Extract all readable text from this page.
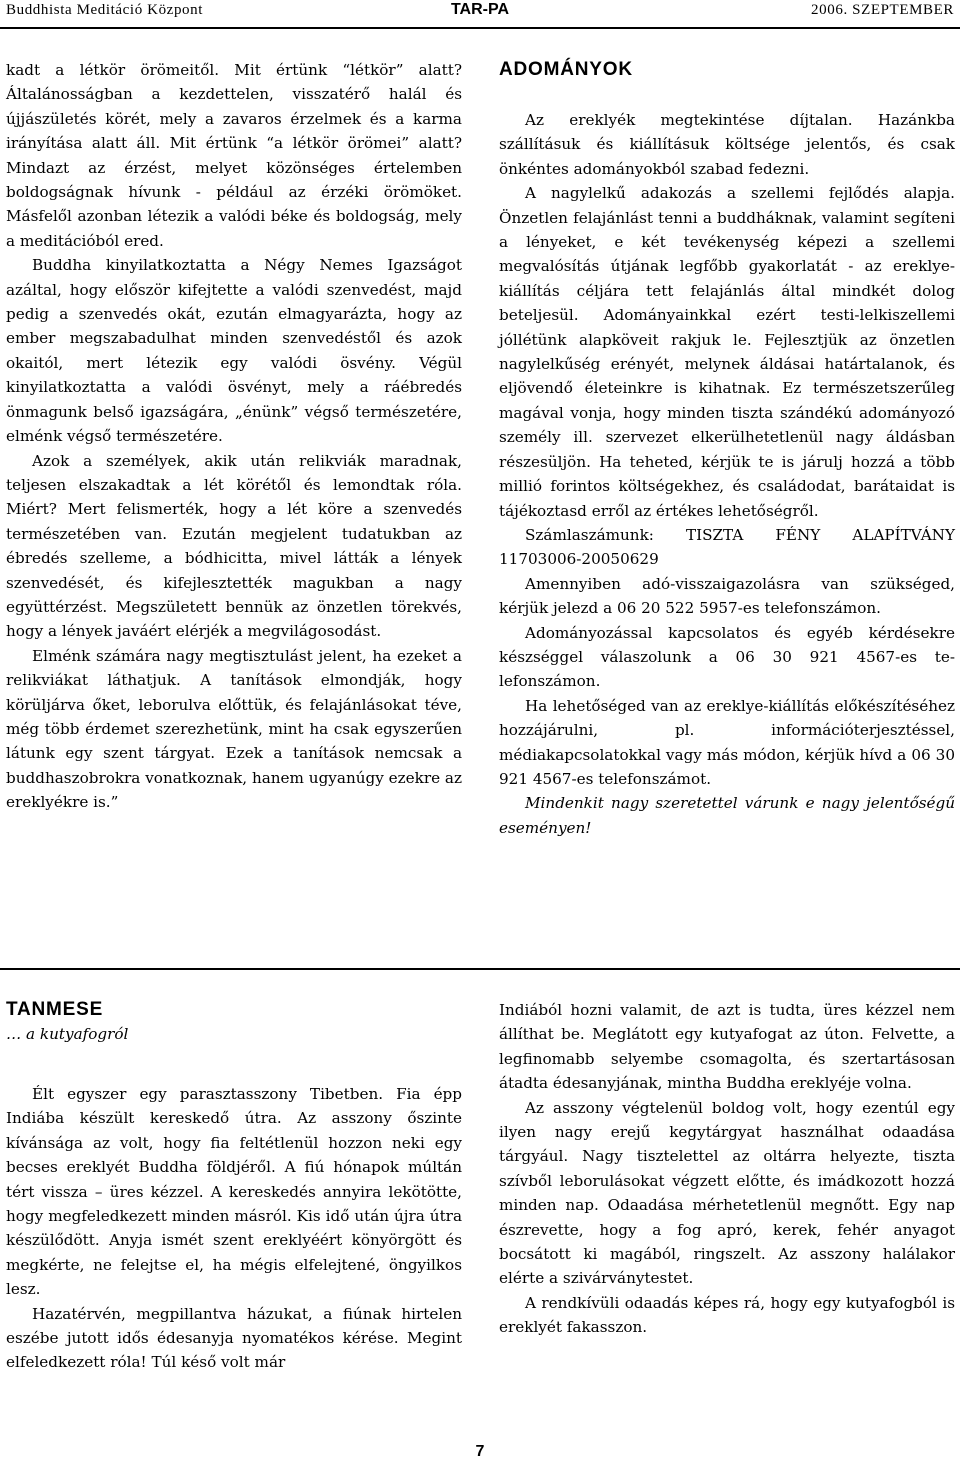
Buddhista Meditáció Központ	TAR-PA	2006. SZEPTEMBER

kadt a létkör örömeitől. Mit értünk “létkör” alatt? Általánosságban a kezdettelen, visszatérő halál és újjászületés körét, mely a zavaros érzelmek és a karma irányítása alatt áll. Mit értünk “a létkör örömei” alatt? Mindazt az érzést, melyet közönséges értelemben boldogságnak hívunk - például az érzéki örömöket. Másfelől azonban létezik a valódi béke és boldogság, mely a meditációból ered.

Buddha kinyilatkoztatta a Négy Nemes Igazságot azáltal, hogy először kifejtette a valódi szenvedést, majd pedig a szenvedés okát, ezután elmagyarázta, hogy az ember megszabadulhat minden szenvedéstől és azok okaitól, mert létezik egy valódi ösvény. Végül kinyilatkoztatta a valódi ösvényt, mely a ráébredés önmagunk belső igazságára, „énünk” végső természetére, elménk végső természetére.

Azok a személyek, akik után relikviák maradnak, teljesen elszakadtak a lét körétől és lemondtak róla. Miért? Mert felismerték, hogy a lét köre a szenvedés természetében van. Ezután megjelent tudatukban az ébredés szelleme, a bódhicitta, mivel látták a lények szenvedését, és kifejlesztették magukban a nagy együttérzést. Megszületett bennük az önzetlen törekvés, hogy a lények javáért elérjék a megvilágosodást.

Elménk számára nagy megtisztulást jelent, ha ezeket a relikviákat láthatjuk. A tanítások elmondják, hogy körüljárva őket, leborulva előttük, és felajánlásokat téve, még több érdemet szerezhetünk, mint ha csak egyszerűen látunk egy szent tárgyat. Ezek a tanítások nemcsak a buddhaszobrokra vonatkoznak, hanem ugyanúgy ezekre az ereklyékre is.”

ADOMÁNYOK

Az ereklyék megtekintése díjtalan. Hazánkba szállításuk és kiállításuk költsége jelentős, és csak önkéntes adományokból szabad fedezni.

A nagylelkű adakozás a szellemi fejlődés alapja. Önzetlen felajánlást tenni a buddháknak, valamint segíteni a lényeket, e két tevékenység képezi a szellemi megvalósítás útjának legfőbb gyakorlatát - az ereklye-kiállítás céljára tett felajánlás által mindkét dolog beteljesül. Adományainkkal ezért testi-lelkiszellemi jóllétünk alapköveit rakjuk le. Fejlesztjük az önzetlen nagylelkűség erényét, melynek áldásai határtalanok, és eljövendő életeinkre is kihatnak. Ez természetszerűleg magával vonja, hogy minden tiszta szándékú adományozó személy ill. szervezet elkerülhetetlenül nagy áldásban részesüljön. Ha teheted, kérjük te is járulj hozzá a több millió forintos költségekhez, és családodat, barátaidat is tájékoztasd erről az értékes lehetőségről.

Számlaszámunk: TISZTA FÉNY ALAPÍTVÁNY 11703006-20050629

Amennyiben adó-visszaigazolásra van szükséged, kérjük jelezd a 06 20 522 5957-es telefonszámon.

Adományozással kapcsolatos és egyéb kérdésekre készséggel válaszolunk a 06 30 921 4567-es telefonszámon.

Ha lehetőséged van az ereklye-kiállítás előkészítéséhez hozzájárulni, pl. információterjesztéssel, médiakapcsolatokkal vagy más módon, kérjük hívd a 06 30 921 4567-es telefonszámot.

Mindenkit nagy szeretettel várunk e nagy jelentőségű eseményen!

TANMESE
… a kutyafogról

Élt egyszer egy parasztasszony Tibetben. Fia épp Indiába készült kereskedő útra. Az asszony őszinte kívánsága az volt, hogy fia feltétlenül hozzon neki egy becses ereklyét Buddha földjéről. A fiú hónapok múltán tért vissza – üres kézzel. A kereskedés annyira lekötötte, hogy megfeledkezett minden másról. Kis idő után újra útra készülődött. Anyja ismét szent ereklyéért könyörgött és megkérte, ne felejtse el, ha mégis elfelejtené, öngyilkos lesz.

Hazatérvén, megpillantva házukat, a fiúnak hirtelen eszébe jutott idős édesanyja nyomatékos kérése. Megint elfeledkezett róla! Túl késő volt már

Indiából hozni valamit, de azt is tudta, üres kézzel nem állíthat be. Meglátott egy kutyafogat az úton. Felvette, a legfinomabb selyembe csomagolta, és szertartásosan átadta édesanyjának, mintha Buddha ereklyéje volna.

Az asszony végtelenül boldog volt, hogy ezentúl egy ilyen nagy erejű kegytárgyat használhat odaadása tárgyául. Nagy tisztelettel az oltárra helyezte, tiszta szívből leborulásokat végzett előtte, és imádkozott hozzá minden nap. Odaadása mérhetetlenül megnőtt. Egy nap észrevette, hogy a fog apró, kerek, fehér anyagot bocsátott ki magából, ringszelt. Az asszony halálakor elérte a szivárványtestet.

A rendkívüli odaadás képes rá, hogy egy kutyafogból is ereklyét fakasszon.

7
